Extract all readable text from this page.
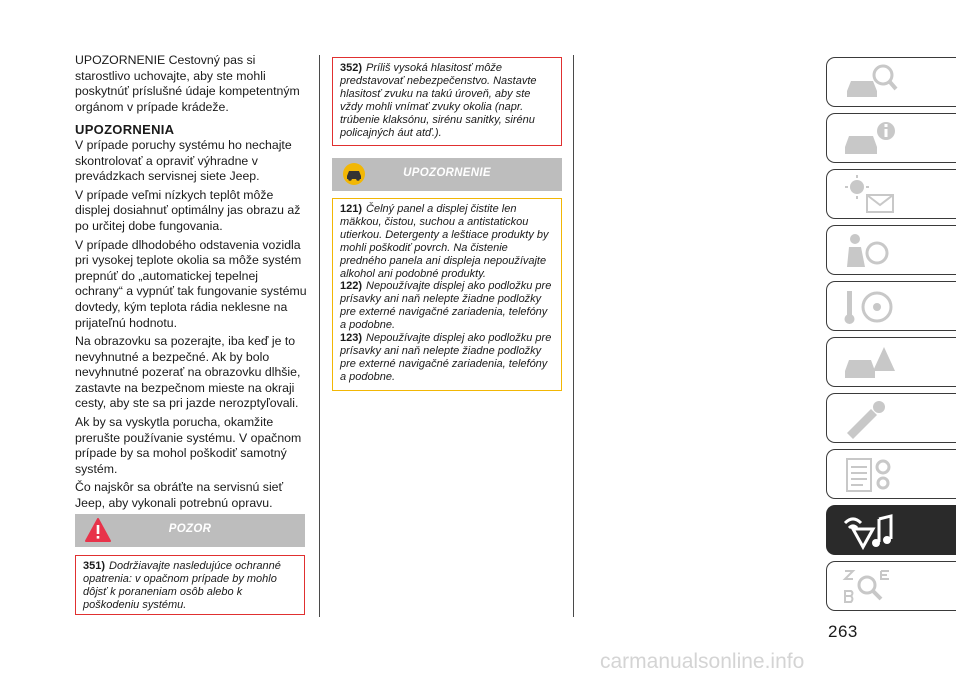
UPOZORNENIE Cestovný pas si starostlivo uchovajte, aby ste mohli poskytnúť príslušné údaje kompetentným orgánom v prípade krádeže.

UPOZORNENIA

V prípade poruchy systému ho nechajte skontrolovať a opraviť výhradne v prevádzkach servisnej siete Jeep.

V prípade veľmi nízkych teplôt môže displej dosiahnuť optimálny jas obrazu až po určitej dobe fungovania.

V prípade dlhodobého odstavenia vozidla pri vysokej teplote okolia sa môže systém prepnúť do „automatickej tepelnej ochrany“ a vypnúť tak fungovanie systému dovtedy, kým teplota rádia neklesne na prijateľnú hodnotu.

Na obrazovku sa pozerajte, iba keď je to nevyhnutné a bezpečné. Ak by bolo nevyhnutné pozerať na obrazovku dlhšie, zastavte na bezpečnom mieste na okraji cesty, aby ste sa pri jazde nerozptyľovali.

Ak by sa vyskytla porucha, okamžite prerušte používanie systému. V opačnom prípade by sa mohol poškodiť samotný systém.

Čo najskôr sa obráťte na servisnú sieť Jeep, aby vykonali potrebnú opravu.

POZOR
351) Dodržiavajte nasledujúce ochranné opatrenia: v opačnom prípade by mohlo dôjsť k poraneniam osôb alebo k poškodeniu systému.
352) Príliš vysoká hlasitosť môže predstavovať nebezpečenstvo. Nastavte hlasitosť zvuku na takú úroveň, aby ste vždy mohli vnímať zvuky okolia (napr. trúbenie klaksónu, sirénu sanitky, sirénu policajných áut atď.).
UPOZORNENIE
121) Čelný panel a displej čistite len mäkkou, čistou, suchou a antistatickou utierkou. Detergenty a leštiace produkty by mohli poškodiť povrch. Na čistenie predného panela ani displeja nepoužívajte alkohol ani podobné produkty.
122) Nepoužívajte displej ako podložku pre prísavky ani naň nelepte žiadne podložky pre externé navigačné zariadenia, telefóny a podobne.
123) Nepoužívajte displej ako podložku pre prísavky ani naň nelepte žiadne podložky pre externé navigačné zariadenia, telefóny a podobne.
263
carmanualsonline.info
